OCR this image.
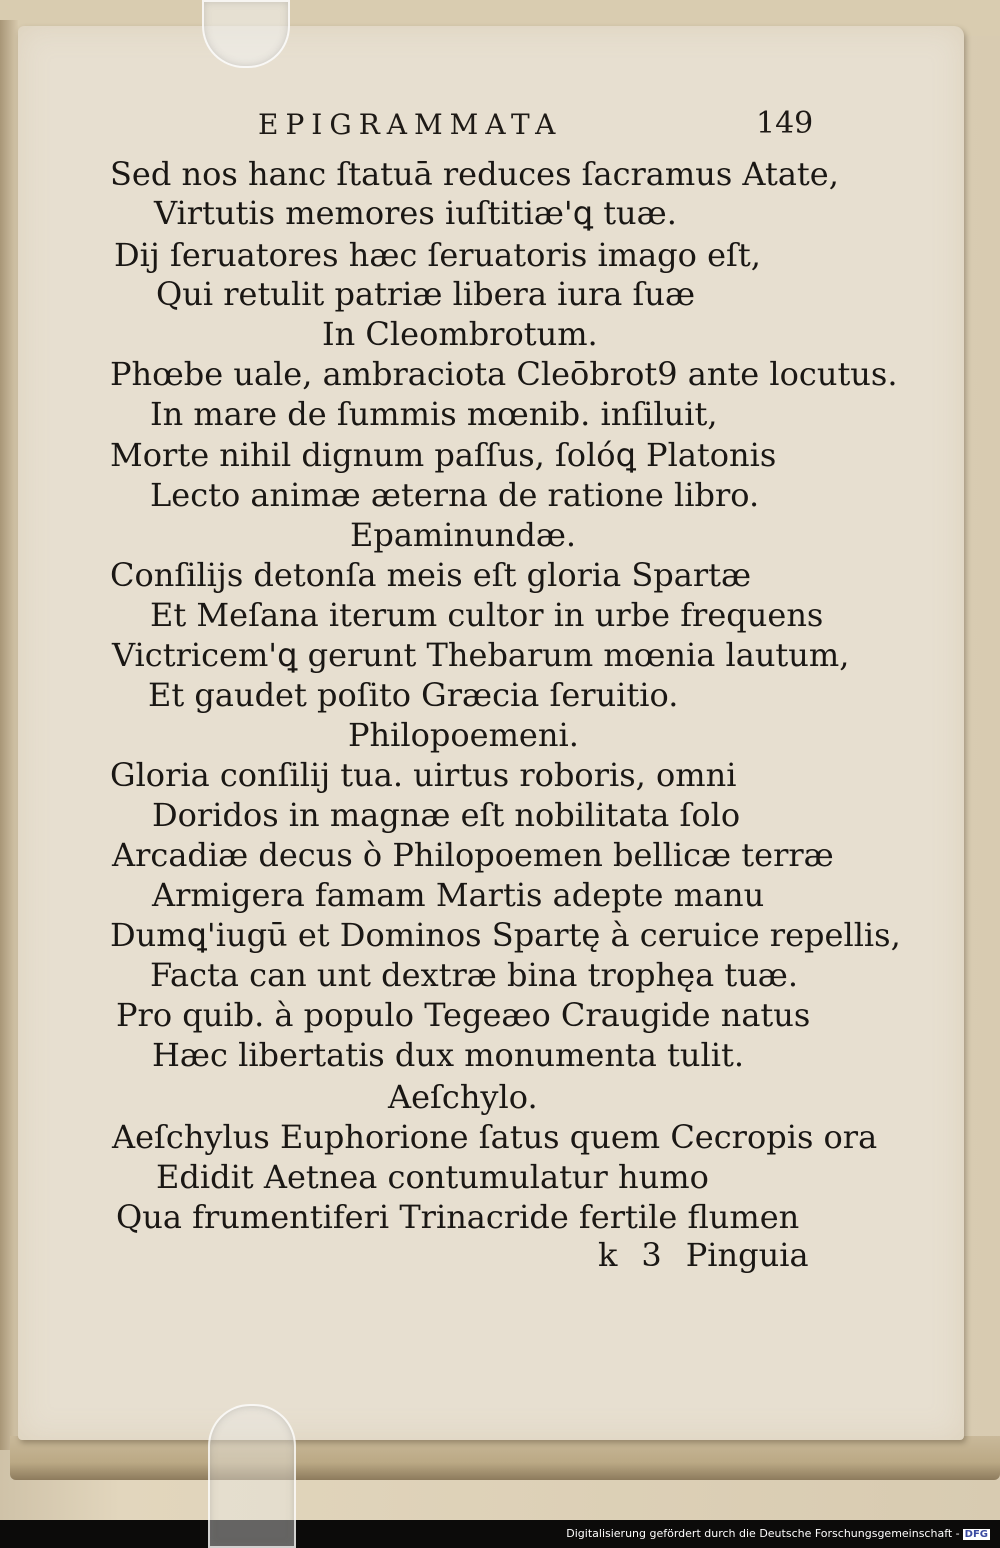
EPIGRAMMATA	149
Sed nos hanc ſtatuā reduces ſacramus Atate,
Virtutis memores iuſtitiæ'ꝗ tuæ.
Dij ſeruatores hæc ſeruatoris imago eſt,
Qui retulit patriæ libera iura ſuæ
In Cleombrotum.
Phœbe uale, ambraciota Cleōbrot9 ante locutus.
In mare de ſummis mœnib. inſiluit,
Morte nihil dignum paſſus, ſolóꝗ Platonis
Lecto animæ æterna de ratione libro.
Epaminundæ.
Conſilijs detonſa meis eſt gloria Spartæ
Et Meſana iterum cultor in urbe frequens
Victricem'ꝗ gerunt Thebarum mœnia lautum,
Et gaudet poſito Græcia ſeruitio.
Philopoemeni.
Gloria conſilij tua. uirtus roboris, omni
Doridos in magnæ eſt nobilitata ſolo
Arcadiæ decus ò Philopoemen bellicæ terræ
Armigera famam Martis adepte manu
Dumꝗ'iugū et Dominos Spartę à ceruice repellis,
Facta can unt dextræ bina trophęa tuæ.
Pro quib. à populo Tegeæo Craugide natus
Hæc libertatis dux monumenta tulit.
Aeſchylo.
Aeſchylus Euphorione ſatus quem Cecropis ora
Edidit Aetnea contumulatur humo
Qua frumentiferi Trinacride fertile flumen
k 3 Pinguia
Digitalisierung gefördert durch die Deutsche Forschungsgemeinschaft - DFG
